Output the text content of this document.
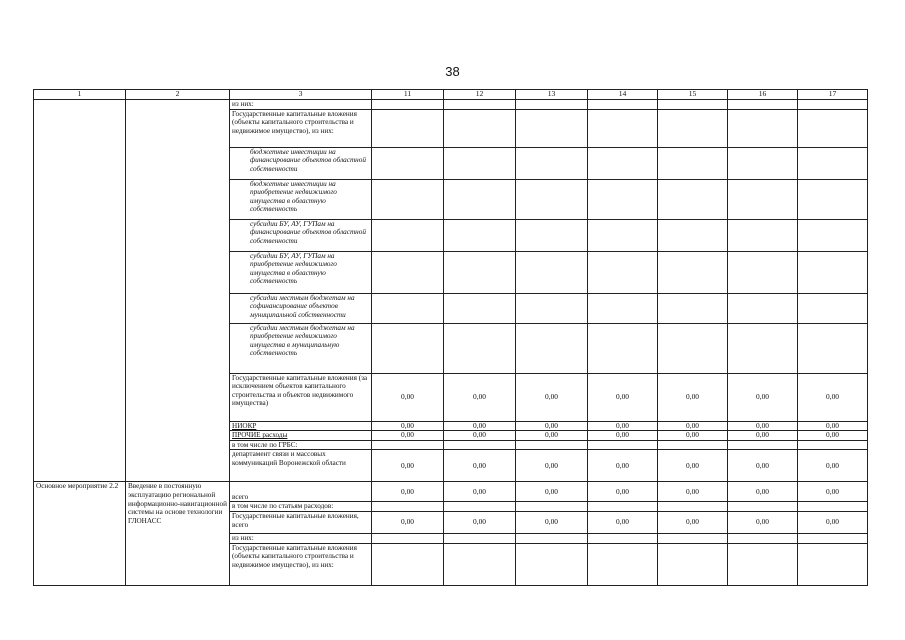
38
1	2	3	11	12	13	14	15	16	17
		из них:							
		Государственные капитальные вложения (объекты капитального строительства и недвижимое имущество), из них:							
		бюджетные инвестиции на финансирование объектов областной собственности							
		бюджетные инвестиции на приобретение недвижимого имущества в областную собственность							
		субсидии БУ, АУ, ГУПам на финансирование объектов областной собственности							
		субсидии БУ, АУ, ГУПам на приобретение недвижимого имущества в областную собственность							
		субсидии местным бюджетам на софинансирование объектов муниципальной собственности							
		субсидии местным бюджетам на приобретение недвижимого имущества в муниципальную собственность							
		Государственные капитальные вложения (за исключением объектов капитального строительства и объектов недвижимого имущества)	0,00	0,00	0,00	0,00	0,00	0,00	0,00
		НИОКР	0,00	0,00	0,00	0,00	0,00	0,00	0,00
		ПРОЧИЕ расходы	0,00	0,00	0,00	0,00	0,00	0,00	0,00
		в том числе по ГРБС:							
		департамент связи и массовых коммуникаций Воронежской области	0,00	0,00	0,00	0,00	0,00	0,00	0,00
Основное мероприятие 2.2	Введение в постоянную эксплуатацию региональной информационно-навигационной системы на основе технологии ГЛОНАСС	всего	0,00	0,00	0,00	0,00	0,00	0,00	0,00
		в том числе по статьям расходов:							
		Государственные капитальные вложения, всего	0,00	0,00	0,00	0,00	0,00	0,00	0,00
		из них:							
		Государственные капитальные вложения (объекты капитального строительства и недвижимое имущество), из них:							
